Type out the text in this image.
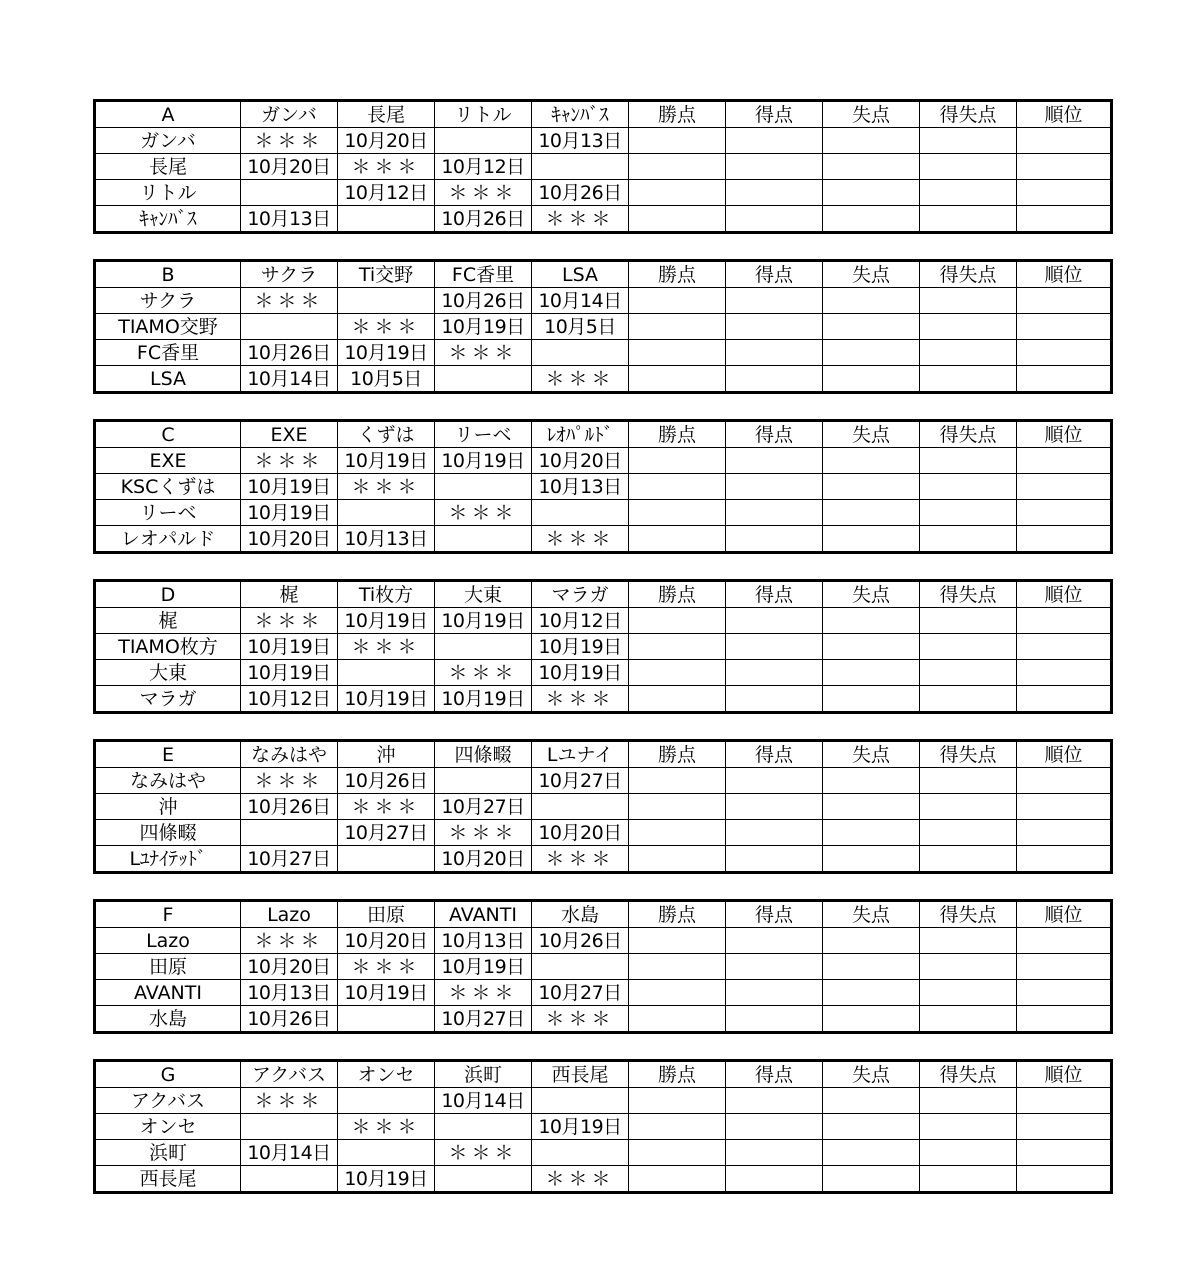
A	ガンバ	長尾	リトル	ｷｬﾝﾊﾞｽ	勝点	得点	失点	得失点	順位
ガンバ	＊＊＊	10月20日		10月13日					
長尾	10月20日	＊＊＊	10月12日						
リトル		10月12日	＊＊＊	10月26日					
ｷｬﾝﾊﾞｽ	10月13日		10月26日	＊＊＊					
B	サクラ	Ti交野	FC香里	LSA	勝点	得点	失点	得失点	順位
サクラ	＊＊＊		10月26日	10月14日					
TIAMO交野		＊＊＊	10月19日	10月5日					
FC香里	10月26日	10月19日	＊＊＊						
LSA	10月14日	10月5日		＊＊＊					
C	EXE	くずは	リーベ	ﾚｵﾊﾟﾙﾄﾞ	勝点	得点	失点	得失点	順位
EXE	＊＊＊	10月19日	10月19日	10月20日					
KSCくずは	10月19日	＊＊＊		10月13日					
リーベ	10月19日		＊＊＊						
レオパルド	10月20日	10月13日		＊＊＊					
D	梶	Ti枚方	大東	マラガ	勝点	得点	失点	得失点	順位
梶	＊＊＊	10月19日	10月19日	10月12日					
TIAMO枚方	10月19日	＊＊＊		10月19日					
大東	10月19日		＊＊＊	10月19日					
マラガ	10月12日	10月19日	10月19日	＊＊＊					
E	なみはや	沖	四條畷	Lユナイ	勝点	得点	失点	得失点	順位
なみはや	＊＊＊	10月26日		10月27日					
沖	10月26日	＊＊＊	10月27日						
四條畷		10月27日	＊＊＊	10月20日					
Lﾕﾅｲﾃｯﾄﾞ	10月27日		10月20日	＊＊＊					
F	Lazo	田原	AVANTI	水島	勝点	得点	失点	得失点	順位
Lazo	＊＊＊	10月20日	10月13日	10月26日					
田原	10月20日	＊＊＊	10月19日						
AVANTI	10月13日	10月19日	＊＊＊	10月27日					
水島	10月26日		10月27日	＊＊＊					
G	アクバス	オンセ	浜町	西長尾	勝点	得点	失点	得失点	順位
アクバス	＊＊＊		10月14日						
オンセ		＊＊＊		10月19日					
浜町	10月14日		＊＊＊						
西長尾		10月19日		＊＊＊					
